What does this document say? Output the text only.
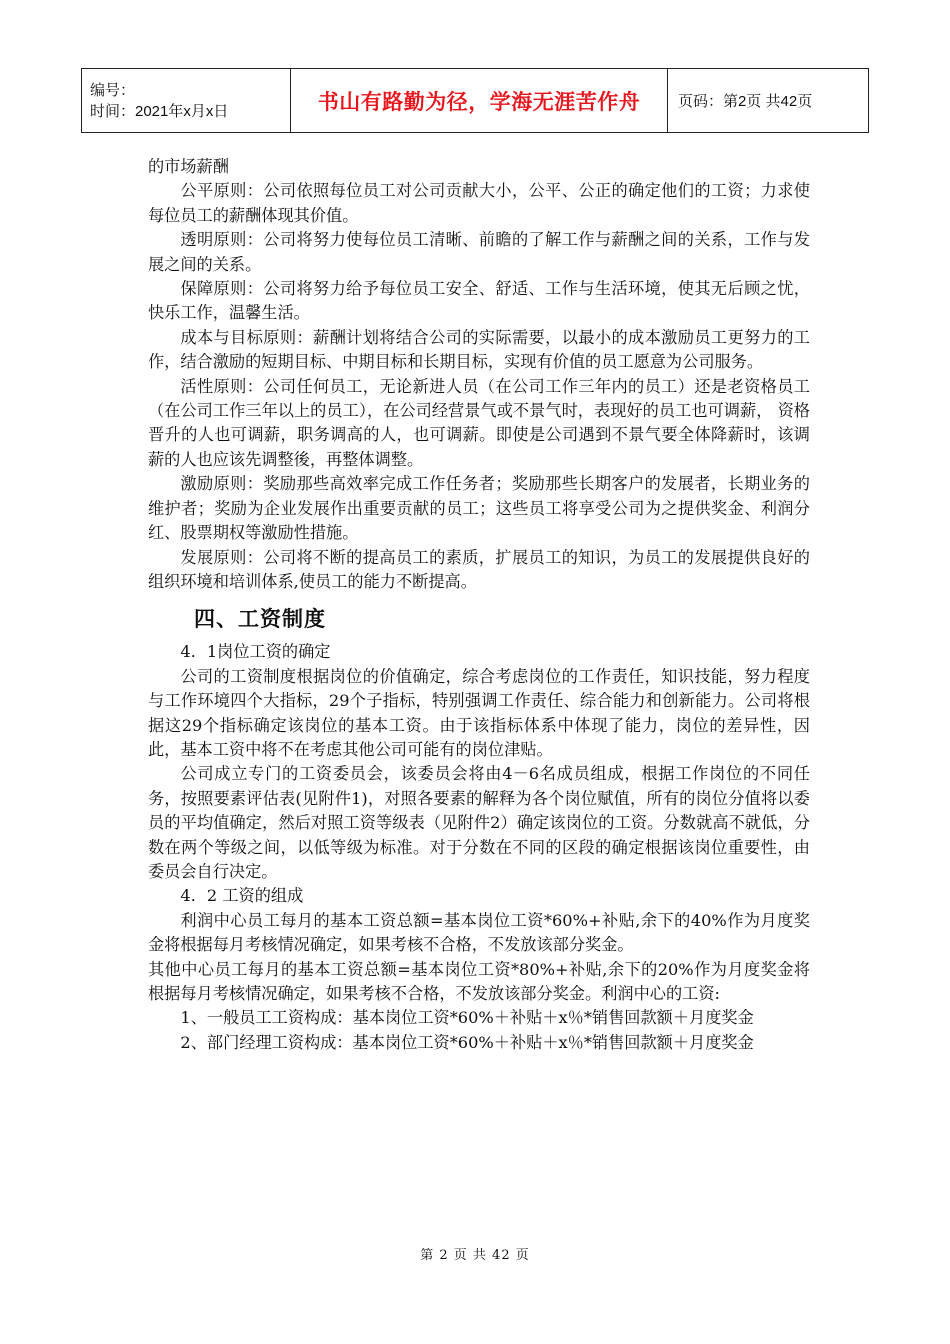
编号：
时间：2021年x月x日	书山有路勤为径，学海无涯苦作舟	页码：第2页 共42页

的市场薪酬

公平原则：公司依照每位员工对公司贡献大小，公平、公正的确定他们的工资；力求使每位员工的薪酬体现其价值。

透明原则：公司将努力使每位员工清晰、前瞻的了解工作与薪酬之间的关系，工作与发展之间的关系。

保障原则：公司将努力给予每位员工安全、舒适、工作与生活环境，使其无后顾之忧，快乐工作，温馨生活。

成本与目标原则：薪酬计划将结合公司的实际需要，以最小的成本激励员工更努力的工作，结合激励的短期目标、中期目标和长期目标，实现有价值的员工愿意为公司服务。

活性原则：公司任何员工，无论新进人员（在公司工作三年内的员工）还是老资格员工（在公司工作三年以上的员工），在公司经营景气或不景气时，表现好的员工也可调薪， 资格晋升的人也可调薪，职务调高的人，也可调薪。即使是公司遇到不景气要全体降薪时，该调薪的人也应该先调整後，再整体调整。

激励原则：奖励那些高效率完成工作任务者；奖励那些长期客户的发展者，长期业务的维护者；奖励为企业发展作出重要贡献的员工；这些员工将享受公司为之提供奖金、利润分红、股票期权等激励性措施。

发展原则：公司将不断的提高员工的素质，扩展员工的知识，为员工的发展提供良好的组织环境和培训体系,使员工的能力不断提高。

四、工资制度

4．1岗位工资的确定

公司的工资制度根据岗位的价值确定，综合考虑岗位的工作责任，知识技能，努力程度与工作环境四个大指标，29个子指标，特别强调工作责任、综合能力和创新能力。公司将根据这29个指标确定该岗位的基本工资。由于该指标体系中体现了能力，岗位的差异性，因此，基本工资中将不在考虑其他公司可能有的岗位津贴。

公司成立专门的工资委员会，该委员会将由4－6名成员组成，根据工作岗位的不同任务，按照要素评估表(见附件1)，对照各要素的解释为各个岗位赋值，所有的岗位分值将以委员的平均值确定，然后对照工资等级表（见附件2）确定该岗位的工资。分数就高不就低，分数在两个等级之间，以低等级为标准。对于分数在不同的区段的确定根据该岗位重要性，由委员会自行决定。

4．2 工资的组成

利润中心员工每月的基本工资总额=基本岗位工资*60%+补贴,余下的40%作为月度奖金将根据每月考核情况确定，如果考核不合格，不发放该部分奖金。

其他中心员工每月的基本工资总额=基本岗位工资*80%+补贴,余下的20%作为月度奖金将根据每月考核情况确定，如果考核不合格，不发放该部分奖金。利润中心的工资:

1、一般员工工资构成：基本岗位工资*60%＋补贴＋x％*销售回款额＋月度奖金

2、部门经理工资构成：基本岗位工资*60%＋补贴＋x％*销售回款额＋月度奖金

第 2 页 共 42 页
